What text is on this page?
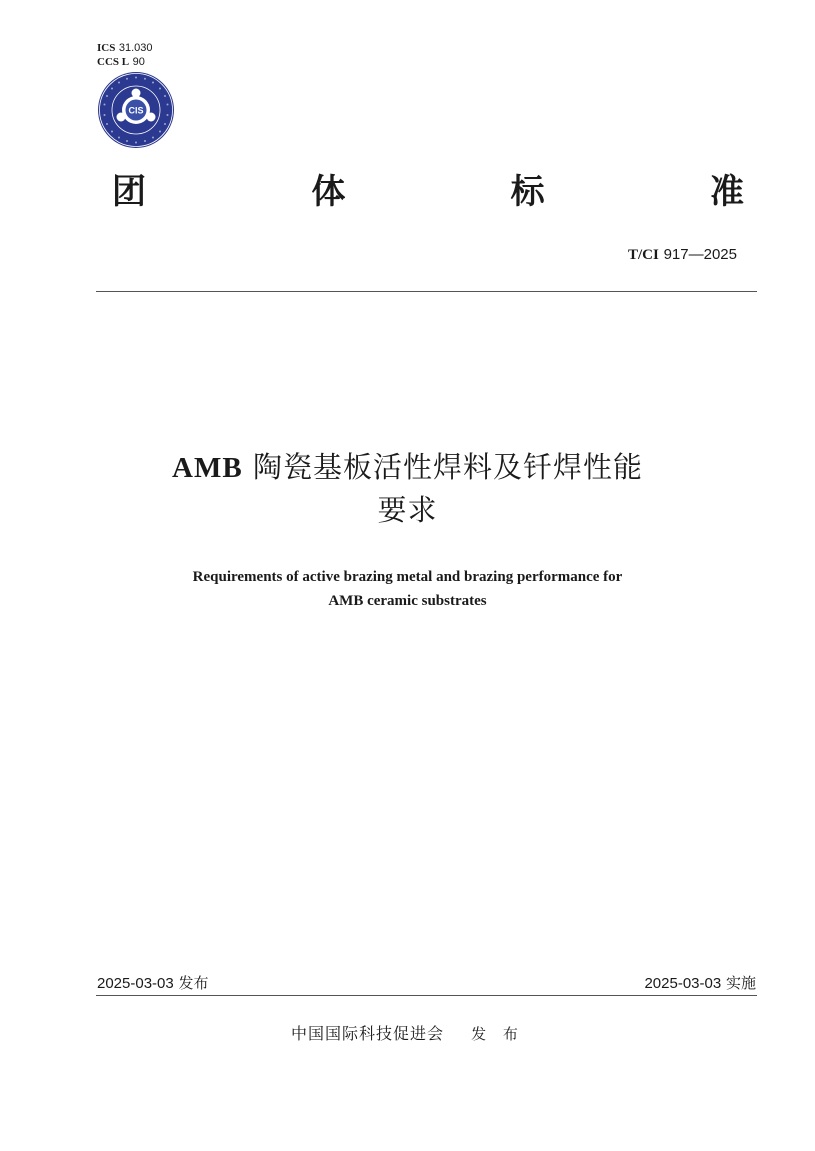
ICS 31.030
CCS L 90
CIS
团	体	标	准
T/CI 917—2025
AMB 陶瓷基板活性焊料及钎焊性能
要求
Requirements of active brazing metal and brazing performance for
AMB ceramic substrates
2025-03-03 发布	2025-03-03 实施
中国国际科技促进会 发 布
